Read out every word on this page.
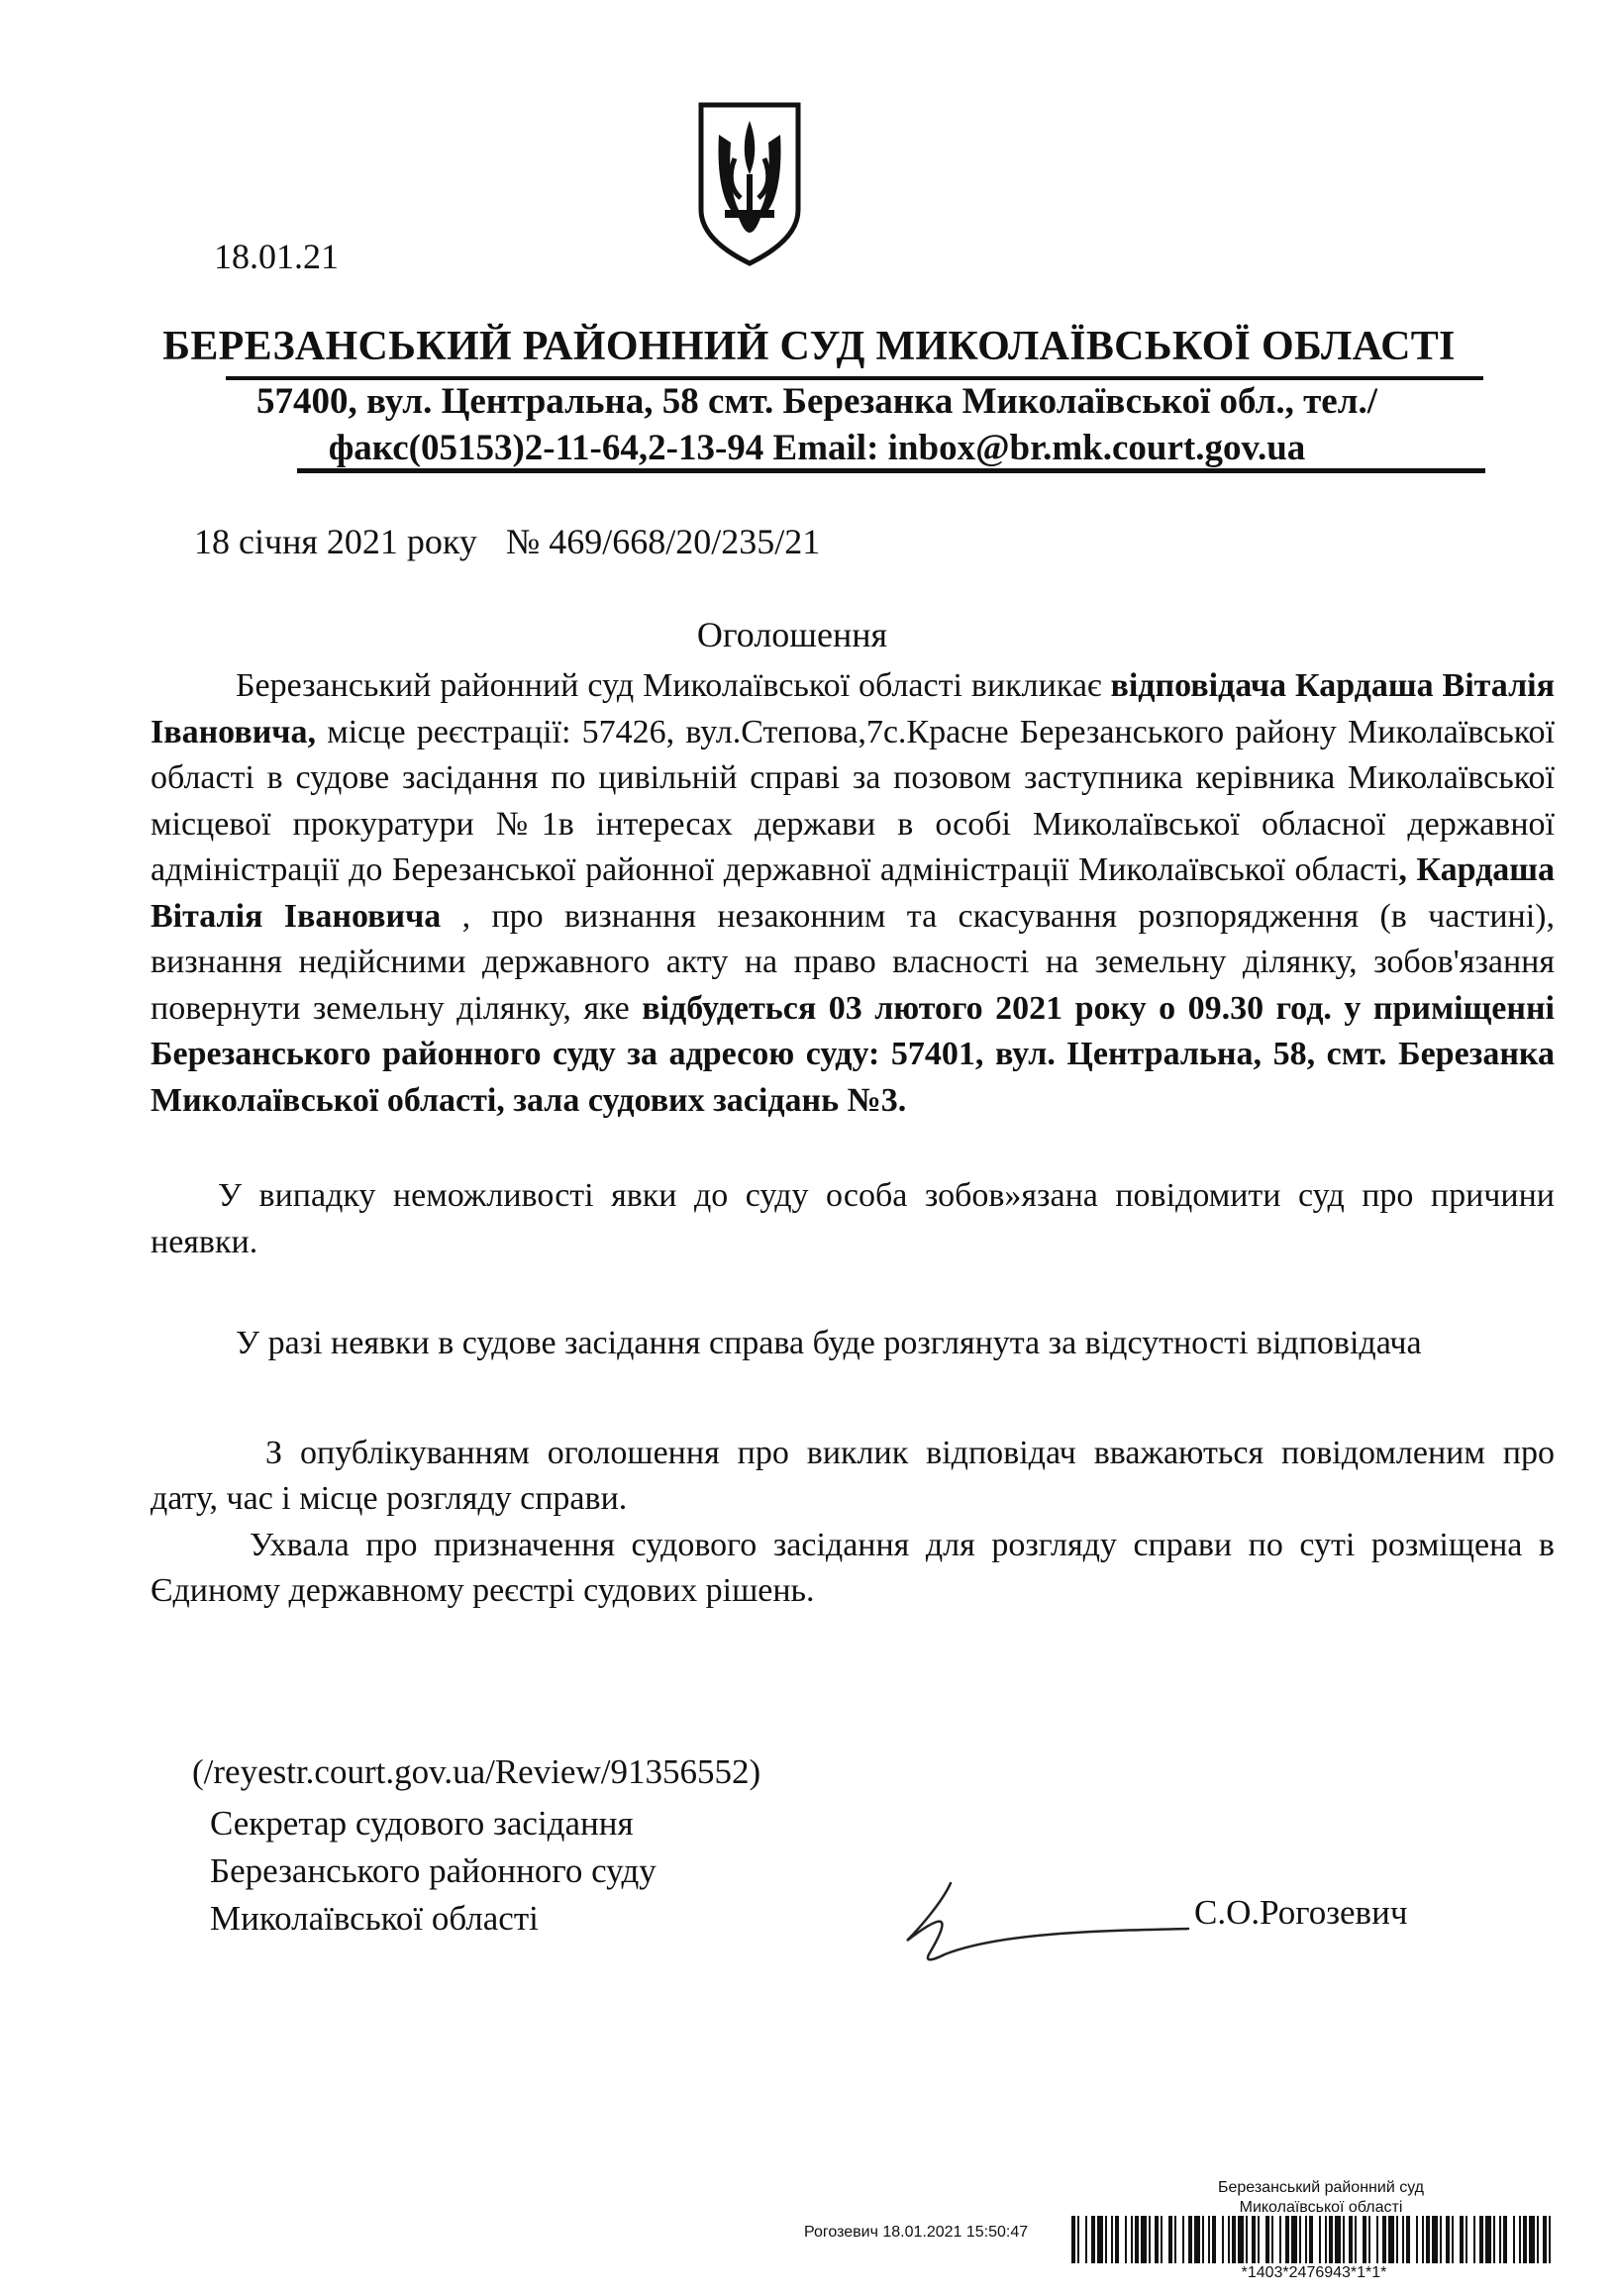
18.01.21
БЕРЕЗАНСЬКИЙ РАЙОННИЙ СУД МИКОЛАЇВСЬКОЇ ОБЛАСТІ
57400, вул. Центральна, 58 смт. Березанка Миколаївської обл., тел./
факс(05153)2-11-64,2-13-94 Email: inbox@br.mk.court.gov.ua
18 січня 2021 року № 469/668/20/235/21
Оголошення

Березанський районний суд Миколаївської області викликає відповідача Кардаша Віталія Івановича, місце реєстрації: 57426, вул.Степова,7с.Красне Березанського району Миколаївської області в судове засідання по цивільній справі за позовом заступника керівника Миколаївської місцевої прокуратури №1в інтересах держави в особі Миколаївської обласної державної адміністрації до Березанської районної державної адміністрації Миколаївської області, Кардаша Віталія Івановича , про визнання незаконним та скасування розпорядження (в частині), визнання недійсними державного акту на право власності на земельну ділянку, зобов'язання повернути земельну ділянку, яке відбудеться 03 лютого 2021 року о 09.30 год. у приміщенні Березанського районного суду за адресою суду: 57401, вул. Центральна, 58, смт. Березанка Миколаївської області, зала судових засідань №3.

У випадку неможливості явки до суду особа зобов»язана повідомити суд про причини неявки.

У разі неявки в судове засідання справа буде розглянута за відсутності відповідача

З опублікуванням оголошення про виклик відповідач вважаються повідомленим про дату, час і місце розгляду справи.

Ухвала про призначення судового засідання для розгляду справи по суті розміщена в Єдиному державному реєстрі судових рішень.

(/reyestr.court.gov.ua/Review/91356552)
Секретар судового засідання
Березанського районного суду
Миколаївської області	С.О.Рогозевич
Березанський районний суд
Миколаївської області
Рогозевич 18.01.2021 15:50:47
*1403*2476943*1*1*
